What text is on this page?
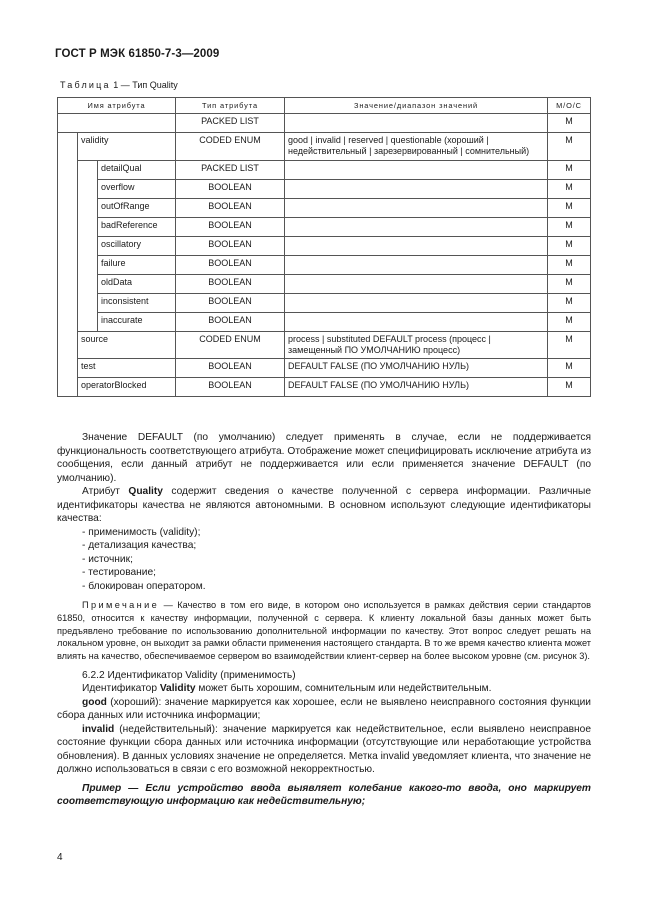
ГОСТ Р МЭК 61850-7-3—2009
Таблица 1 — Тип Quality
Имя атрибута			Тип атрибута	Значение/диапазон значений	М/О/С
			PACKED LIST		M
	validity		CODED ENUM	good | invalid | reserved | questionable (хороший | недействительный | зарезервированный | сомнительный)	M
		detailQual	PACKED LIST		M
		overflow	BOOLEAN		M
		outOfRange	BOOLEAN		M
		badReference	BOOLEAN		M
		oscillatory	BOOLEAN		M
		failure	BOOLEAN		M
		oldData	BOOLEAN		M
		inconsistent	BOOLEAN		M
		inaccurate	BOOLEAN		M
	source		CODED ENUM	process | substituted DEFAULT process (процесс | замещенный ПО УМОЛЧАНИЮ процесс)	M
	test		BOOLEAN	DEFAULT FALSE (ПО УМОЛЧАНИЮ НУЛЬ)	M
	operatorBlocked		BOOLEAN	DEFAULT FALSE (ПО УМОЛЧАНИЮ НУЛЬ)	M

Значение DEFAULT (по умолчанию) следует применять в случае, если не поддерживается функциональность соответствующего атрибута. Отображение может специфицировать исключение атрибута из сообщения, если данный атрибут не поддерживается или если применяется значение DEFAULT (по умолчанию).

Атрибут Quality содержит сведения о качестве полученной с сервера информации. Различные идентификаторы качества не являются автономными. В основном используют следующие идентификаторы качества:

- применимость (validity);
- детализация качества;
- источник;
- тестирование;
- блокирован оператором.

Примечание — Качество в том его виде, в котором оно используется в рамках действия серии стандартов 61850, относится к качеству информации, полученной с сервера. К клиенту локальной базы данных может быть предъявлено требование по использованию дополнительной информации по качеству. Этот вопрос следует решать на локальном уровне, он выходит за рамки области применения настоящего стандарта. В то же время качество клиента может влиять на качество, обеспечиваемое сервером во взаимодействии клиент-сервер на более высоком уровне (см. рисунок 3).

6.2.2 Идентификатор Validity (применимость)

Идентификатор Validity может быть хорошим, сомнительным или недействительным.

good (хороший): значение маркируется как хорошее, если не выявлено неисправного состояния функции сбора данных или источника информации;

invalid (недействительный): значение маркируется как недействительное, если выявлено неисправное состояние функции сбора данных или источника информации (отсутствующие или неработающие устройства обновления). В данных условиях значение не определяется. Метка invalid уведомляет клиента, что значение не должно использоваться в связи с его возможной некорректностью.

Пример — Если устройство ввода выявляет колебание какого-то ввода, оно маркирует соответствующую информацию как недействительную;

4
